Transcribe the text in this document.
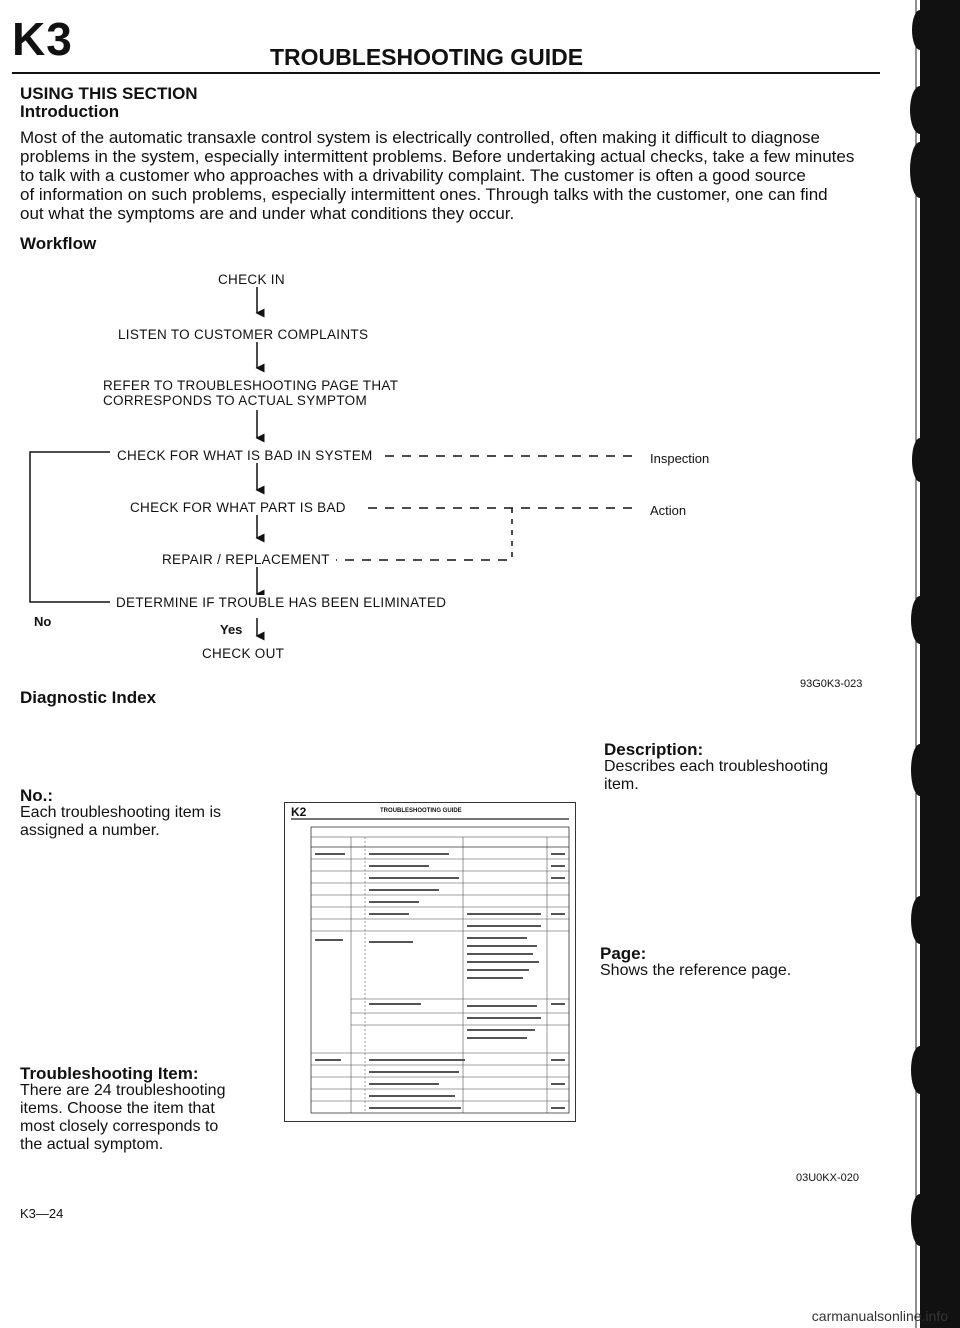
K3	TROUBLESHOOTING GUIDE
USING THIS SECTION
Introduction

Most of the automatic transaxle control system is electrically controlled, often making it difficult to diagnose

problems in the system, especially intermittent problems. Before undertaking actual checks, take a few minutes

to talk with a customer who approaches with a drivability complaint. The customer is often a good source

of information on such problems, especially intermittent ones. Through talks with the customer, one can find

out what the symptoms are and under what conditions they occur.

Workflow
CHECK IN
LISTEN TO CUSTOMER COMPLAINTS
REFER TO TROUBLESHOOTING PAGE THAT
CORRESPONDS TO ACTUAL SYMPTOM
CHECK FOR WHAT IS BAD IN SYSTEM
CHECK FOR WHAT PART IS BAD
REPAIR / REPLACEMENT
DETERMINE IF TROUBLE HAS BEEN ELIMINATED
CHECK OUT
Inspection
Action
No
Yes
93G0K3-023
Diagnostic Index
No.:
Each troubleshooting item is
assigned a number.
Troubleshooting Item:
There are 24 troubleshooting
items. Choose the item that
most closely corresponds to
the actual symptom.
Description:
Describes each troubleshooting
item.
Page:
Shows the reference page.
K2	TROUBLESHOOTING GUIDE
03U0KX-020
K3—24
carmanualsonline.info
